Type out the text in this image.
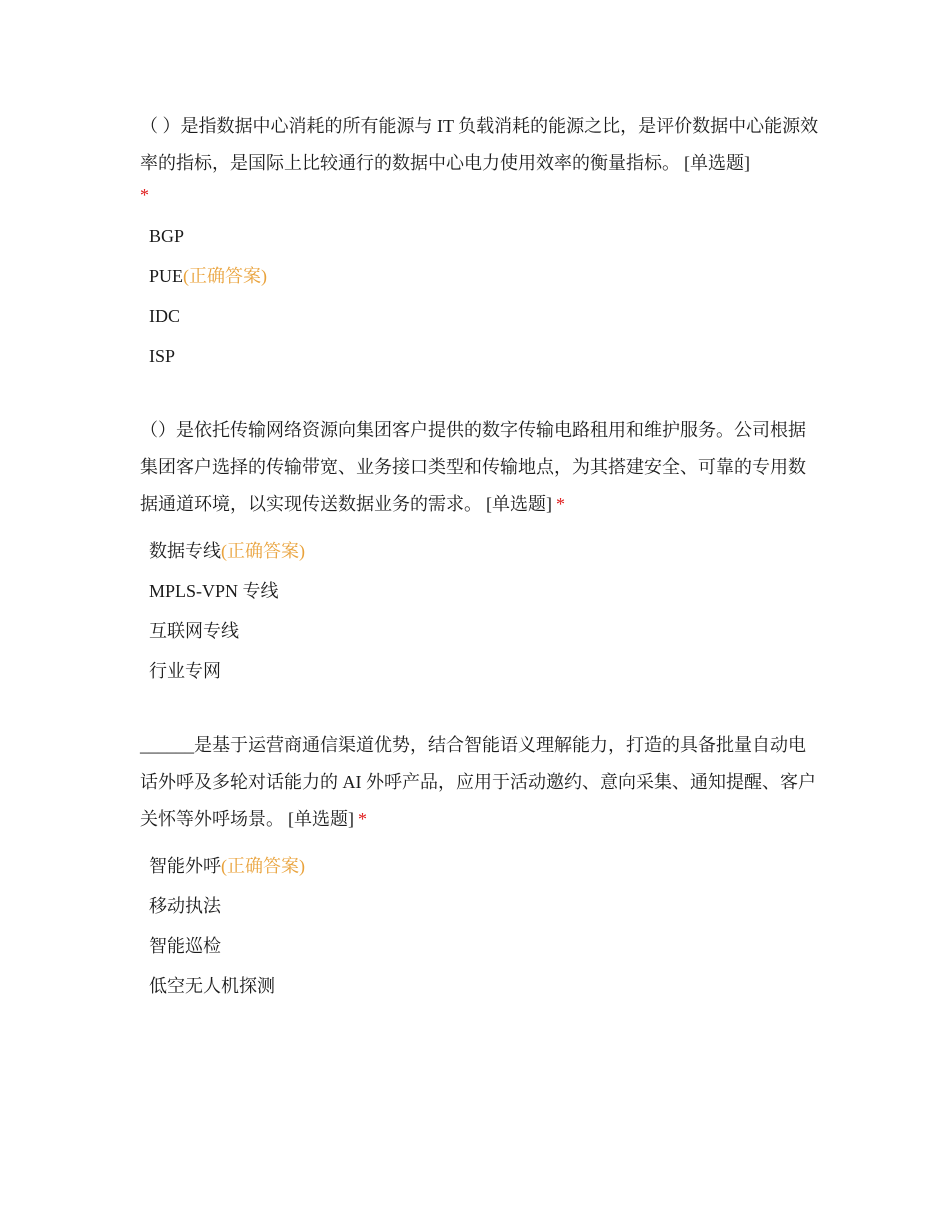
（ ）是指数据中心消耗的所有能源与 IT 负载消耗的能源之比，是评价数据中心能源效率的指标，是国际上比较通行的数据中心电力使用效率的衡量指标。 [单选题]
*

BGP
PUE(正确答案)
IDC
ISP

（）是依托传输网络资源向集团客户提供的数字传输电路租用和维护服务。公司根据集团客户选择的传输带宽、业务接口类型和传输地点，为其搭建安全、可靠的专用数据通道环境，以实现传送数据业务的需求。 [单选题] *

数据专线(正确答案)
MPLS-VPN 专线
互联网专线
行业专网

______是基于运营商通信渠道优势，结合智能语义理解能力，打造的具备批量自动电话外呼及多轮对话能力的 AI 外呼产品，应用于活动邀约、意向采集、通知提醒、客户关怀等外呼场景。 [单选题] *

智能外呼(正确答案)
移动执法
智能巡检
低空无人机探测
